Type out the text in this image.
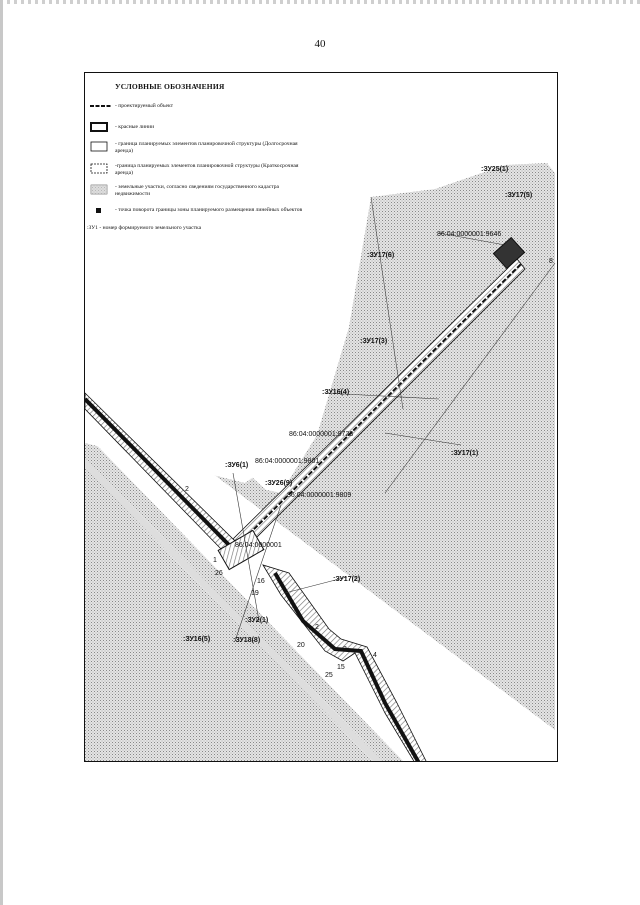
40
:ЗУ25(1)
:ЗУ17(5)
:ЗУ17(6)
:ЗУ17(3)
:ЗУ16(4)
:ЗУ17(1)
:ЗУ6(1)
:ЗУ26(9)
:ЗУ17(2)
:ЗУ2(1)
:ЗУ16(5)	:ЗУ18(8)
86:04:0000001:9646
86:04:0000001:9723
86:04:0000001:9801
86:04:0000001:9809
86:04:0000001
8
2
1
26
2
3
4
20
25
15
16
19
УСЛОВНЫЕ ОБОЗНАЧЕНИЯ
- проектируемый объект
- красные линии
- граница планируемых элементов планировочной структуры (Долгосрочная аренда)
-граница планируемых элементов планировочной структуры (Краткосрочная аренда)
- земельные участки, согласно сведениям государственного кадастра недвижимости
- точка поворота границы зоны планируемого размещения линейных объектов
:ЗУ1 - номер формируемого земельного участка
